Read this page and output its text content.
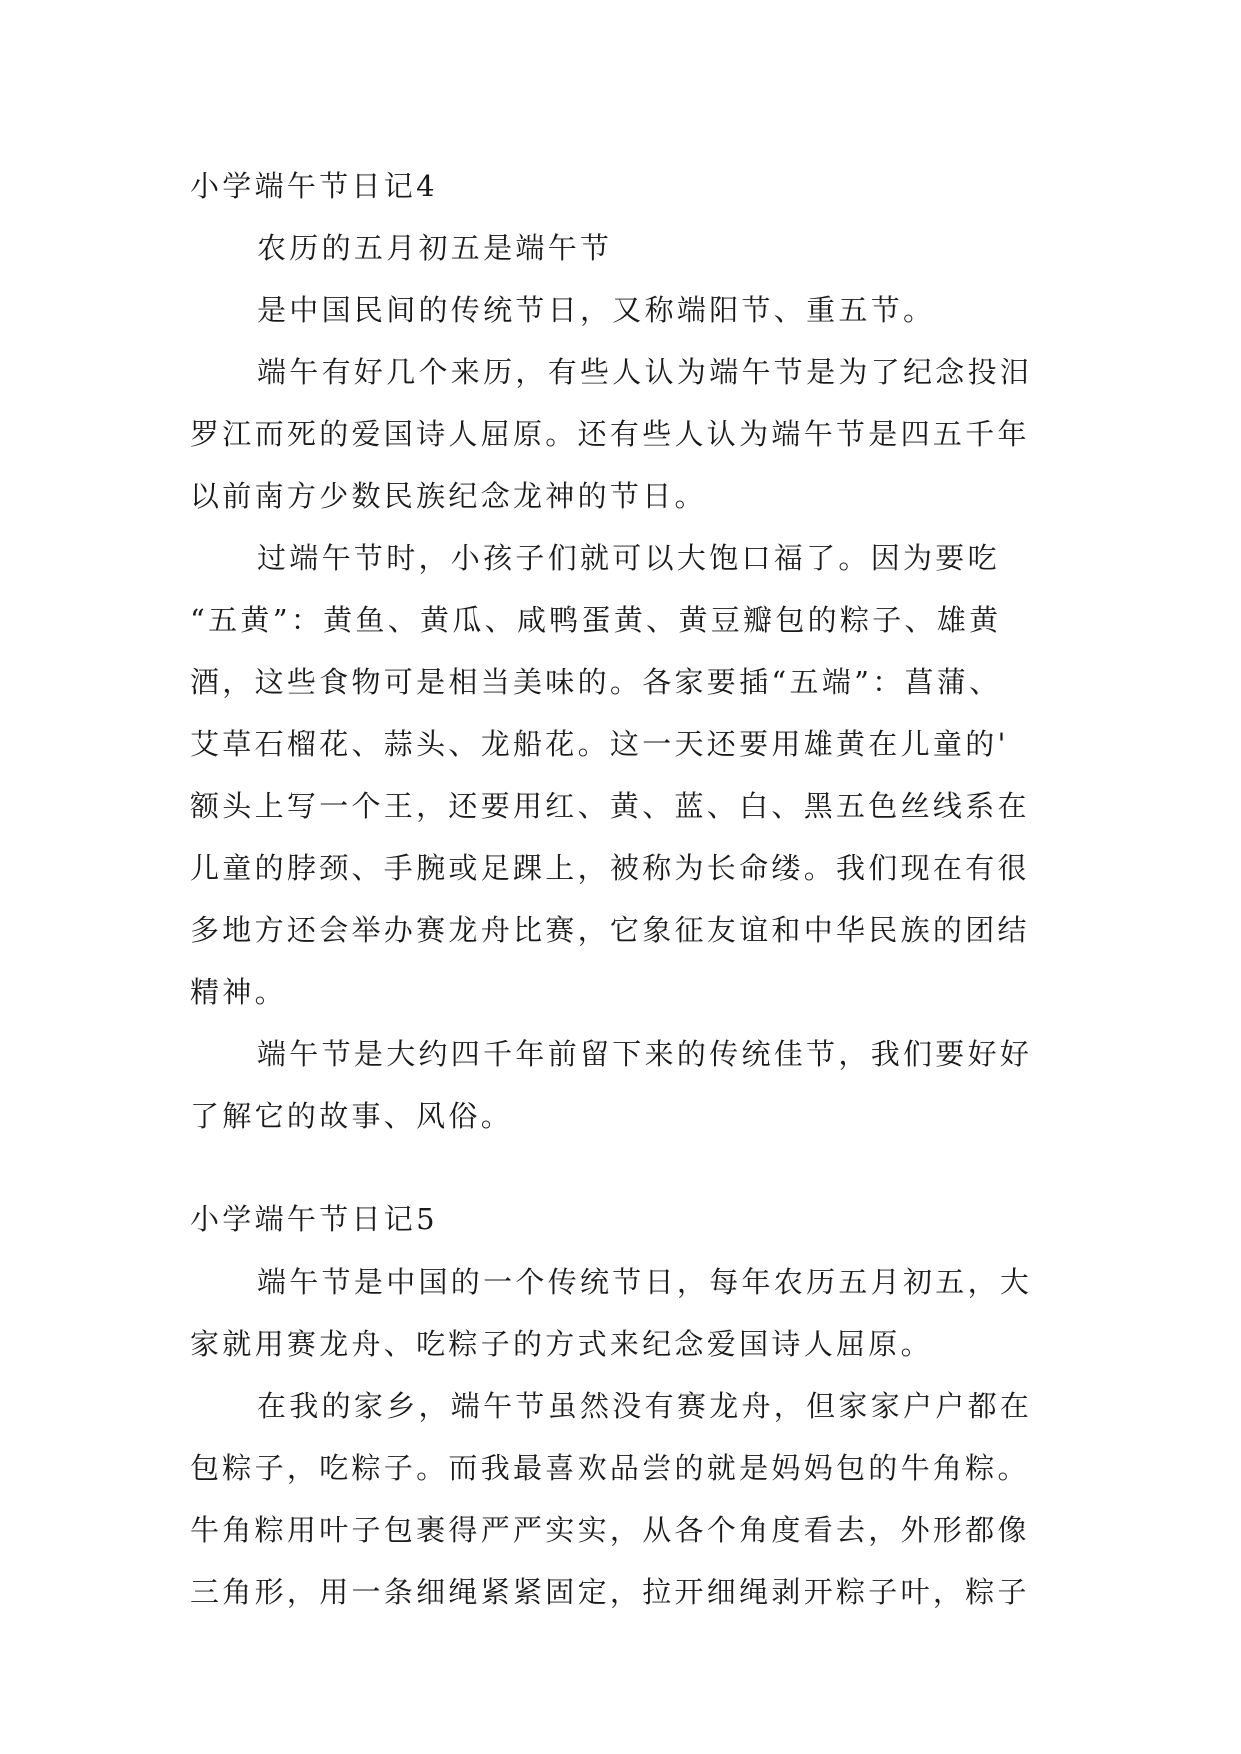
小学端午节日记4
农历的五月初五是端午节
是中国民间的传统节日，又称端阳节、重五节。
端午有好几个来历，有些人认为端午节是为了纪念投汨
罗江而死的爱国诗人屈原。还有些人认为端午节是四五千年
以前南方少数民族纪念龙神的节日。
过端午节时，小孩子们就可以大饱口福了。因为要吃
“五黄”：黄鱼、黄瓜、咸鸭蛋黄、黄豆瓣包的粽子、雄黄
酒，这些食物可是相当美味的。各家要插“五端”：菖蒲、
艾草石榴花、蒜头、龙船花。这一天还要用雄黄在儿童的'
额头上写一个王，还要用红、黄、蓝、白、黑五色丝线系在
儿童的脖颈、手腕或足踝上，被称为长命缕。我们现在有很
多地方还会举办赛龙舟比赛，它象征友谊和中华民族的团结
精神。
端午节是大约四千年前留下来的传统佳节，我们要好好
了解它的故事、风俗。
小学端午节日记5
端午节是中国的一个传统节日，每年农历五月初五，大
家就用赛龙舟、吃粽子的方式来纪念爱国诗人屈原。
在我的家乡，端午节虽然没有赛龙舟，但家家户户都在
包粽子，吃粽子。而我最喜欢品尝的就是妈妈包的牛角粽。
牛角粽用叶子包裹得严严实实，从各个角度看去，外形都像
三角形，用一条细绳紧紧固定，拉开细绳剥开粽子叶，粽子
